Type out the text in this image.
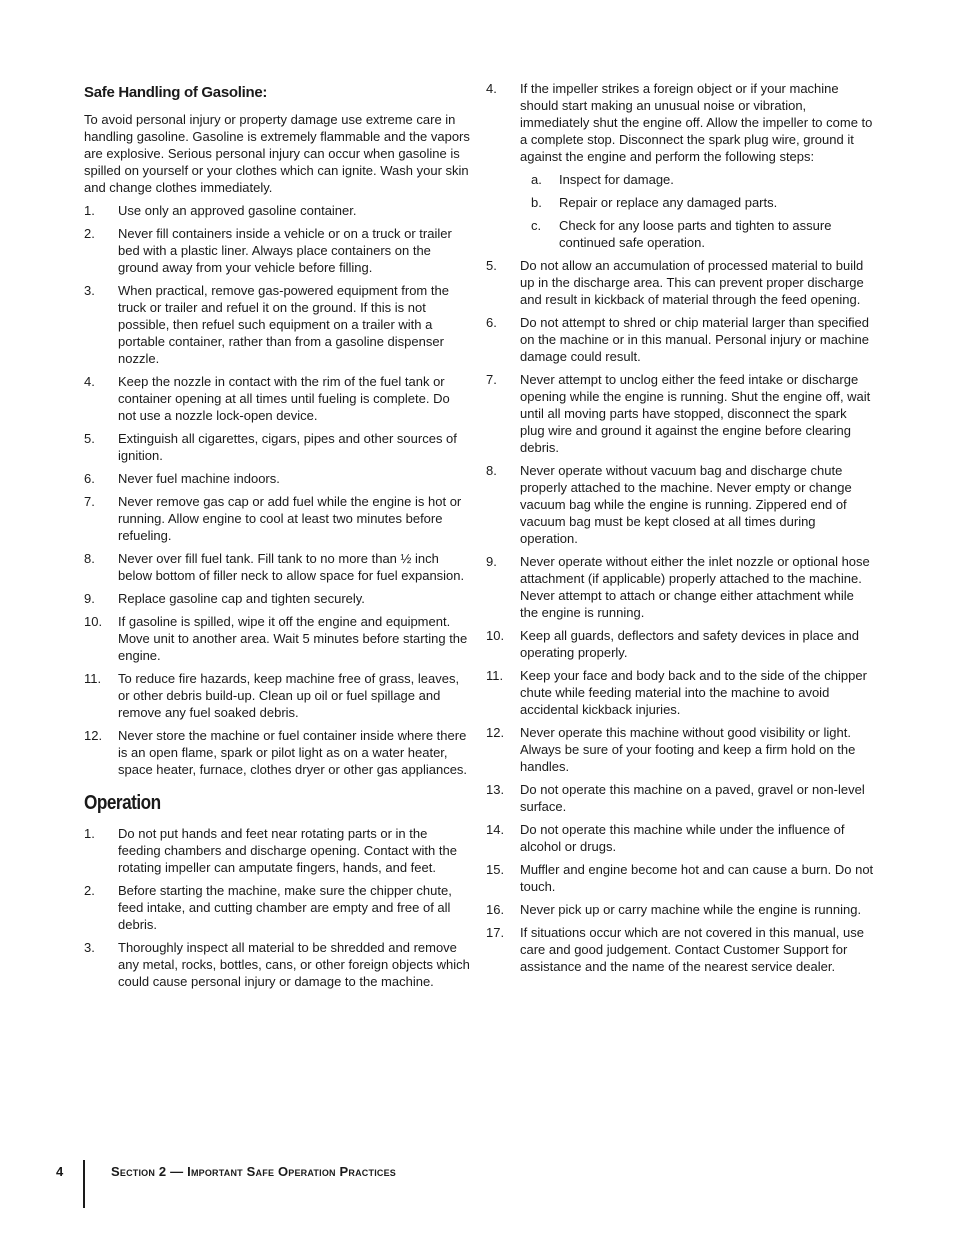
Safe Handling of Gasoline:

To avoid personal injury or property damage use extreme care in handling gasoline. Gasoline is extremely flammable and the vapors are explosive. Serious personal injury can occur when gasoline is spilled on yourself or your clothes which can ignite. Wash your skin and change clothes immediately.

1. Use only an approved gasoline container.
2. Never fill containers inside a vehicle or on a truck or trailer bed with a plastic liner. Always place containers on the ground away from your vehicle before filling.
3. When practical, remove gas-powered equipment from the truck or trailer and refuel it on the ground. If this is not possible, then refuel such equipment on a trailer with a portable container, rather than from a gasoline dispenser nozzle.
4. Keep the nozzle in contact with the rim of the fuel tank or container opening at all times until fueling is complete. Do not use a nozzle lock-open device.
5. Extinguish all cigarettes, cigars, pipes and other sources of ignition.
6. Never fuel machine indoors.
7. Never remove gas cap or add fuel while the engine is hot or running. Allow engine to cool at least two minutes before refueling.
8. Never over fill fuel tank. Fill tank to no more than ½ inch below bottom of filler neck to allow space for fuel expansion.
9. Replace gasoline cap and tighten securely.
10. If gasoline is spilled, wipe it off the engine and equipment. Move unit to another area. Wait 5 minutes before starting the engine.
11. To reduce fire hazards, keep machine free of grass, leaves, or other debris build-up. Clean up oil or fuel spillage and remove any fuel soaked debris.
12. Never store the machine or fuel container inside where there is an open flame, spark or pilot light as on a water heater, space heater, furnace, clothes dryer or other gas appliances.
Operation
1. Do not put hands and feet near rotating parts or in the feeding chambers and discharge opening. Contact with the rotating impeller can amputate fingers, hands, and feet.
2. Before starting the machine, make sure the chipper chute, feed intake, and cutting chamber are empty and free of all debris.
3. Thoroughly inspect all material to be shredded and remove any metal, rocks, bottles, cans, or other foreign objects which could cause personal injury or damage to the machine.
4. If the impeller strikes a foreign object or if your machine should start making an unusual noise or vibration, immediately shut the engine off. Allow the impeller to come to a complete stop. Disconnect the spark plug wire, ground it against the engine and perform the following steps:
a. Inspect for damage.
b. Repair or replace any damaged parts.
c. Check for any loose parts and tighten to assure continued safe operation.
5. Do not allow an accumulation of processed material to build up in the discharge area. This can prevent proper discharge and result in kickback of material through the feed opening.
6. Do not attempt to shred or chip material larger than specified on the machine or in this manual. Personal injury or machine damage could result.
7. Never attempt to unclog either the feed intake or discharge opening while the engine is running. Shut the engine off, wait until all moving parts have stopped, disconnect the spark plug wire and ground it against the engine before clearing debris.
8. Never operate without vacuum bag and discharge chute properly attached to the machine. Never empty or change vacuum bag while the engine is running. Zippered end of vacuum bag must be kept closed at all times during operation.
9. Never operate without either the inlet nozzle or optional hose attachment (if applicable) properly attached to the machine. Never attempt to attach or change either attachment while the engine is running.
10. Keep all guards, deflectors and safety devices in place and operating properly.
11. Keep your face and body back and to the side of the chipper chute while feeding material into the machine to avoid accidental kickback injuries.
12. Never operate this machine without good visibility or light. Always be sure of your footing and keep a firm hold on the handles.
13. Do not operate this machine on a paved, gravel or non-level surface.
14. Do not operate this machine while under the influence of alcohol or drugs.
15. Muffler and engine become hot and can cause a burn. Do not touch.
16. Never pick up or carry machine while the engine is running.
17. If situations occur which are not covered in this manual, use care and good judgement. Contact Customer Support for assistance and the name of the nearest service dealer.
4	Section 2 — Important Safe Operation Practices
